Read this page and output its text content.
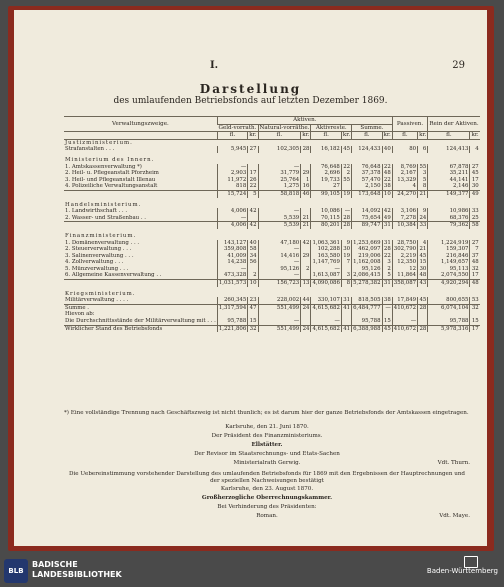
I.	29
Darstellung
des umlaufenden Betriebsfonds auf letzten Dezember 1869.
Verwaltungszweige.	Aktiven.								Passiven.		Rein der Aktiven.	
	Geld-vorrath.		Natural-vorräthe.		Aktivreste.		Summe.					
	fl.	kr.	fl.	kr.	fl.	kr.	fl.	kr.	fl.	kr.	fl.	kr.
Justizministerium.												
Strafanstalten . . .	5,945	27	102,305	28	16,182	45	124,433	40	80	6	124,413	4

Ministerium des Innern.												
1. Amtskassenverwaltung *)	—		—		76,648	22	76,648	22	8,769	55	67,878	27
2. Heil- u. Pflegeanstalt Pforzheim	2,903	17	31,779	29	2,696	2	37,378	48	2,167	3	35,211	45
3. Heil- und Pflegeanstalt Illenau	11,972	26	25,764	1	19,733	55	57,470	22	13,329	5	44,141	17
4. Polizeiliche Verwaltungsanstalt	818	22	1,275	16	27		2,150	38	4	8	2,146	30
	15,724	5	58,818	46	99,105	19	173,648	10	24,270	21	149,377	49

Handelsministerium.												
1. Landwirthschaft . . .	4,006	42	—		10,086	—	14,092	42	3,106	9	10,986	33
2. Wasser- und Straßenbau . .	—		5,539	21	70,115	28	75,654	49	7,278	24	68,376	25
	4,006	42	5,539	21	80,201	28	89,747	31	10,384	33	79,362	58

Finanzministerium.												
1. Domänenverwaltung . . .	143,127	40	47,180	42	1,063,361	9	1,253,669	31	28,750	4	1,224,919	27
2. Steuerverwaltung . . .	359,808	58	—		102,288	30	462,097	28	302,790	21	159,307	7
3. Salinenverwaltung . . .	41,009	34	14,416	29	163,580	19	219,006	22	2,219	45	216,846	37
4. Zollverwaltung . . .	14,238	56	—		1,147,769	7	1,162,008	3	12,350	15	1,149,657	48
5. Münzverwaltung . . .	—		95,126	2	—		95,126	2	12	30	95,113	32
6. Allgemeine Kassenverwaltung . .	473,328	2	—		1,613,087	3	2,086,415	5	11,864	48	2,074,550	17
	1,031,573	10	156,723	13	4,090,086	8	5,278,382	31	358,087	43	4,920,294	48

Kriegsministerium.												
Militärverwaltung . . . .	260,345	23	228,002	44	330,107	31	818,505	38	17,849	45	800,655	53
Summe .	1,317,594	47	551,499	24	4,615,682	41	6,484,777	—	410,672	28	6,074,104	32
Hievon ab:												
Die Durchschnittsstände der Militärverwaltung mit . . .	95,788	15	—		—		95,788	15	—		95,788	15
Wirklicher Stand des Betriebsfonds	1,221,806	32	551,499	24	4,615,682	41	6,388,988	45	410,672	28	5,978,316	17
*) Eine vollständige Trennung nach Geschäftszweig ist nicht thunlich; es ist darum hier der ganze Betriebsfonds der Amtskassen eingetragen.
Karlsruhe, den 21. Juni 1870.
Der Präsident des Finanzministeriums.
Ellstätter.
Der Revisor im Staatsrechnungs- und Etats-Sachen
Ministerialrath Gerwig.	Vdt. Thurn.
Die Uebereinstimmung vorstehender Darstellung des umlaufenden Betriebsfonds für 1869 mit den Ergebnissen der Hauptrechnungen und der speziellen Nachweisungen bestätigt
Karlsruhe, den 23. August 1870.
Großherzogliche Oberrechnungskammer.
Bei Verhinderung des Präsidenten:
Roman.	Vdt. Maye.
BLB
BADISCHE
LANDESBIBLIOTHEK	Baden-Württemberg
